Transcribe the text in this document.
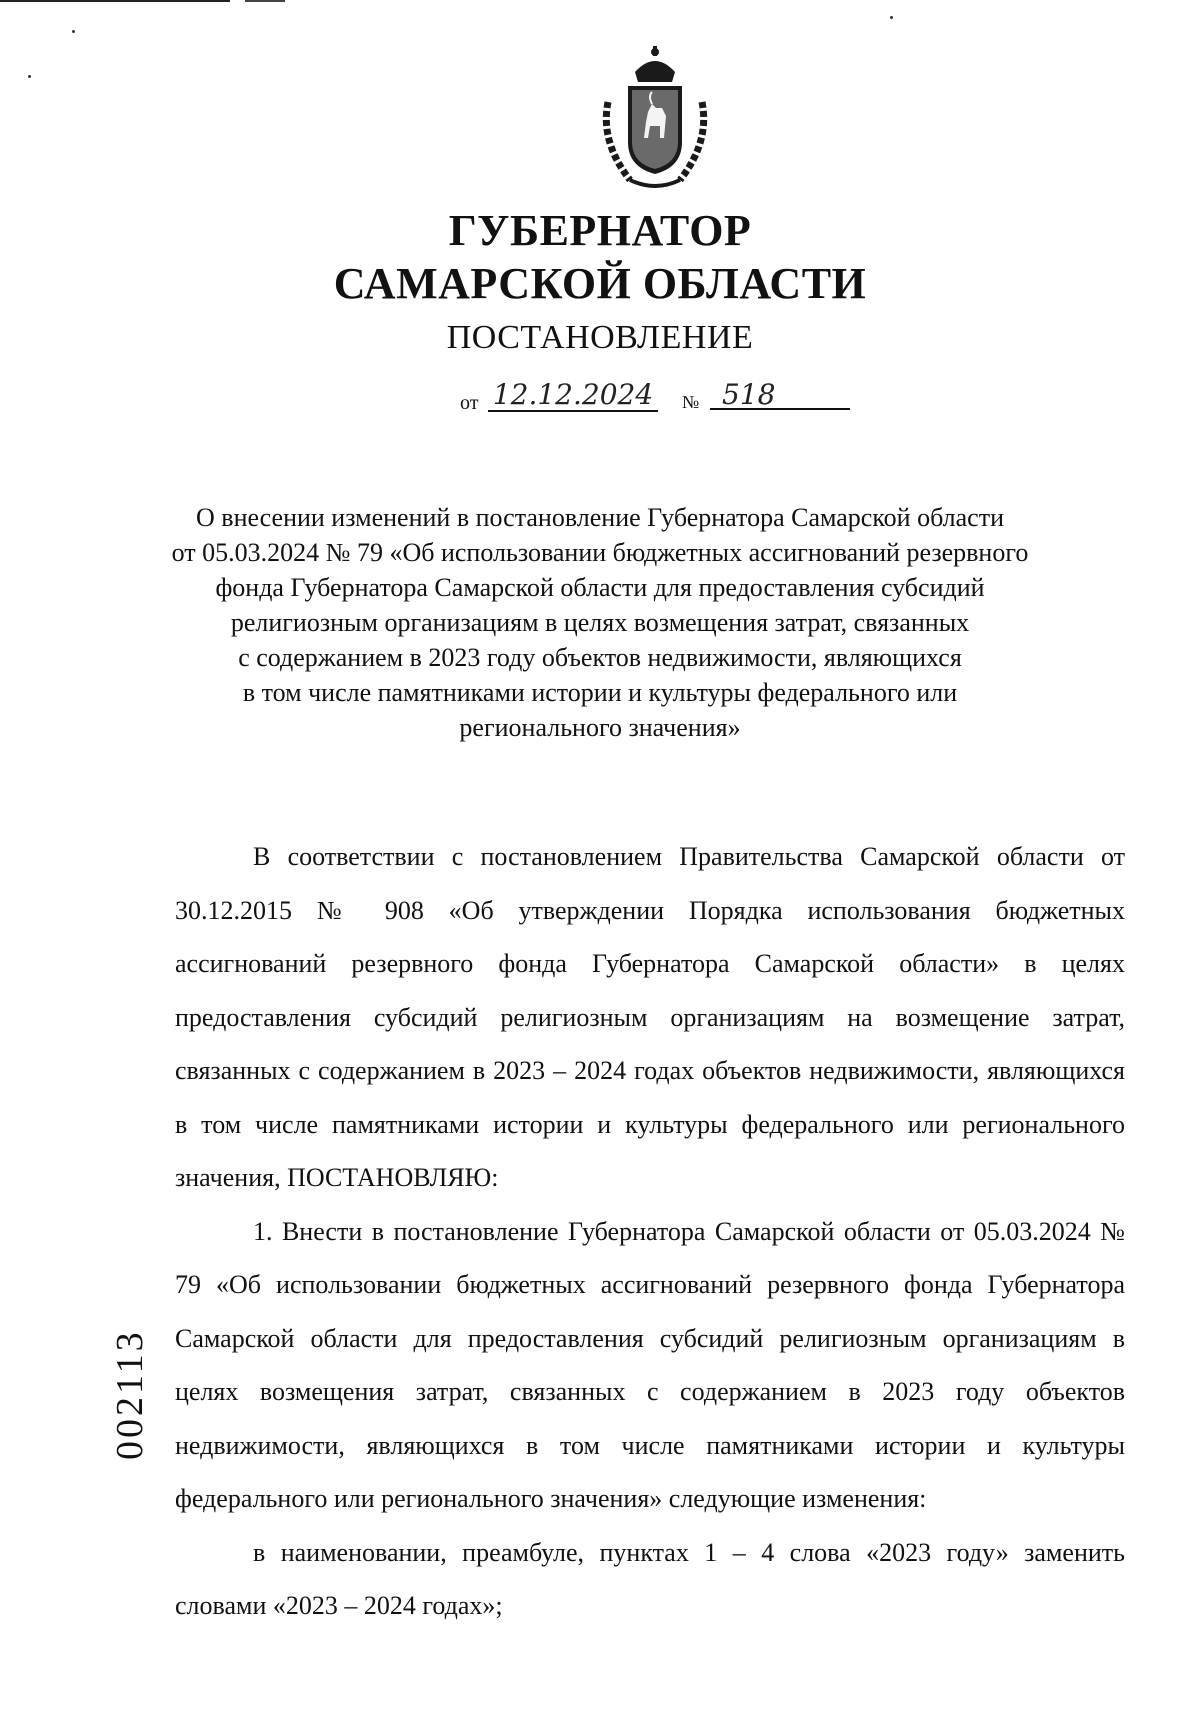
ГУБЕРНАТОР
САМАРСКОЙ ОБЛАСТИ
ПОСТАНОВЛЕНИЕ
от 12.12.2024 № 518
О внесении изменений в постановление Губернатора Самарской области
от 05.03.2024 № 79 «Об использовании бюджетных ассигнований резервного
фонда Губернатора Самарской области для предоставления субсидий
религиозным организациям в целях возмещения затрат, связанных
с содержанием в 2023 году объектов недвижимости, являющихся
в том числе памятниками истории и культуры федерального или
регионального значения»

В соответствии с постановлением Правительства Самарской области от 30.12.2015 № 908 «Об утверждении Порядка использования бюджетных ассигнований резервного фонда Губернатора Самарской области» в целях предоставления субсидий религиозным организациям на возмещение затрат, связанных с содержанием в 2023 – 2024 годах объектов недвижимости, являющихся в том числе памятниками истории и культуры федерального или регионального значения, ПОСТАНОВЛЯЮ:

1. Внести в постановление Губернатора Самарской области от 05.03.2024 № 79 «Об использовании бюджетных ассигнований резервного фонда Губернатора Самарской области для предоставления субсидий религиозным организациям в целях возмещения затрат, связанных с содержанием в 2023 году объектов недвижимости, являющихся в том числе памятниками истории и культуры федерального или регионального значения» следующие изменения:

в наименовании, преамбуле, пунктах 1 – 4 слова «2023 году» заменить словами «2023 – 2024 годах»;

002113
